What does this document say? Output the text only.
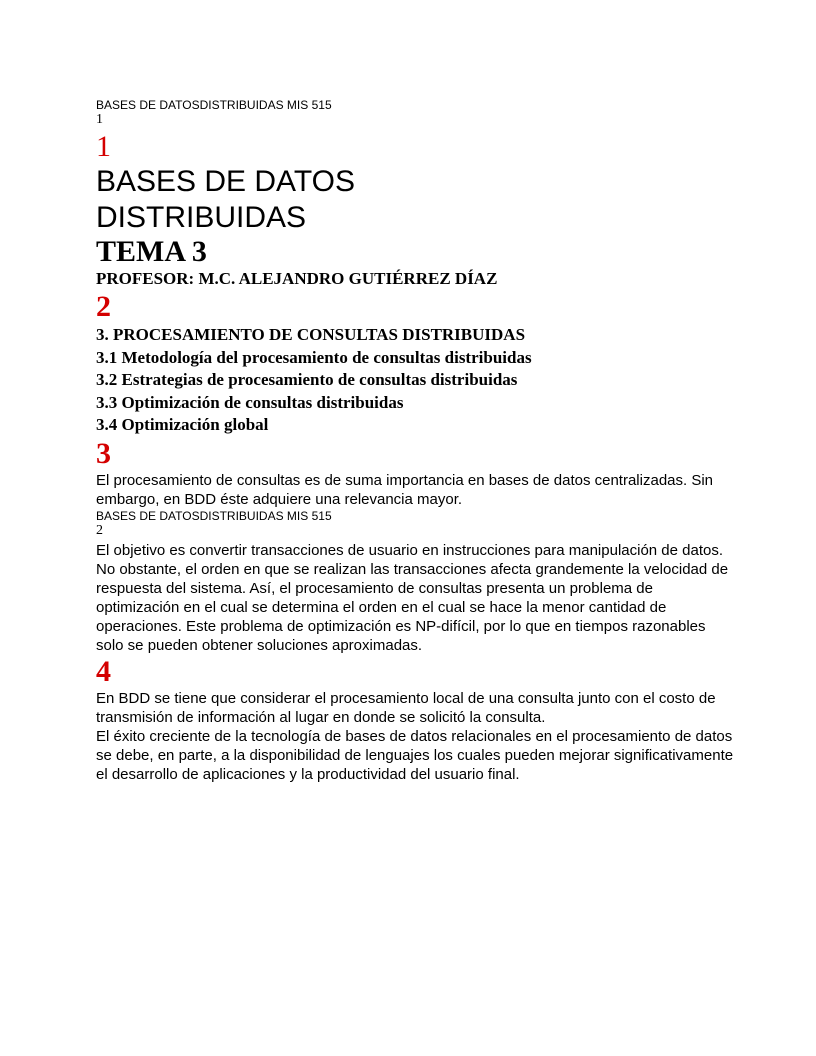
BASES DE DATOSDISTRIBUIDAS MIS 515

1

1

BASES DE DATOS

DISTRIBUIDAS

TEMA 3

PROFESOR: M.C. ALEJANDRO GUTIÉRREZ DÍAZ

2

3. PROCESAMIENTO DE CONSULTAS DISTRIBUIDAS

3.1 Metodología del procesamiento de consultas distribuidas

3.2 Estrategias de procesamiento de consultas distribuidas

3.3 Optimización de consultas distribuidas

3.4 Optimización global

3

El procesamiento de consultas es de suma importancia en bases de datos centralizadas. Sin embargo, en BDD éste adquiere una relevancia mayor.

BASES DE DATOSDISTRIBUIDAS MIS 515

2

El objetivo es convertir transacciones de usuario en instrucciones para manipulación de datos. No obstante, el orden en que se realizan las transacciones afecta grandemente la velocidad de respuesta del sistema. Así, el procesamiento de consultas presenta un problema de optimización en el cual se determina el orden en el cual se hace la menor cantidad de operaciones. Este problema de optimización es NP-difícil, por lo que en tiempos razonables solo se pueden obtener soluciones aproximadas.

4

En BDD se tiene que considerar el procesamiento local de una consulta junto con el costo de transmisión de información al lugar en donde se solicitó la consulta.

El éxito creciente de la tecnología de bases de datos relacionales en el procesamiento de datos se debe, en parte, a la disponibilidad de lenguajes los cuales pueden mejorar significativamente el desarrollo de aplicaciones y la productividad del usuario final.
